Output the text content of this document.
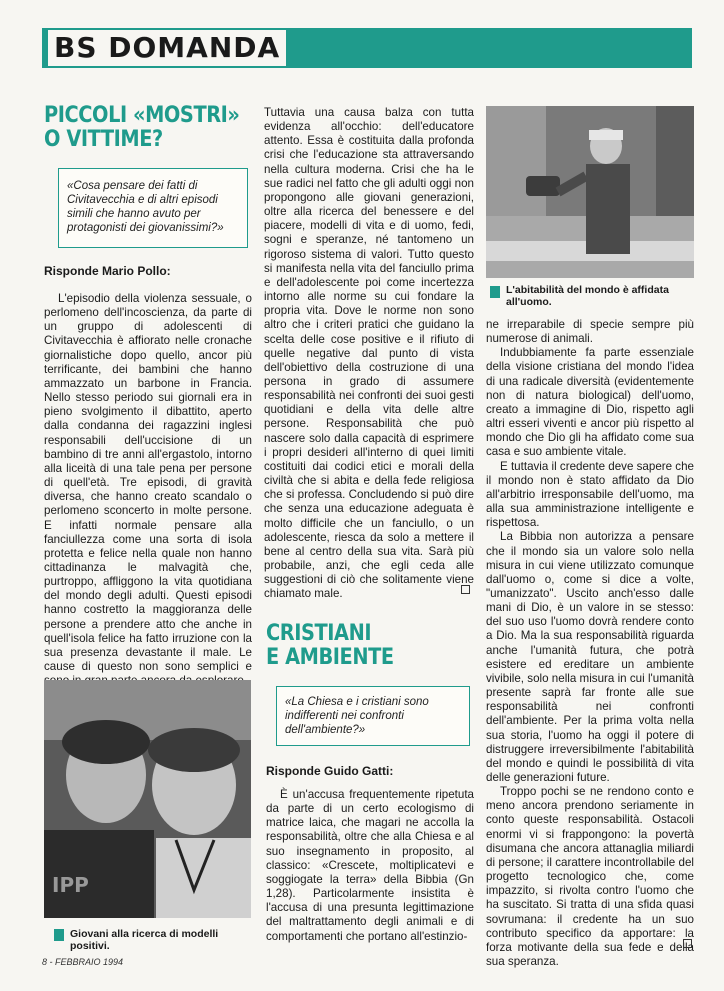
BS DOMANDA
PICCOLI «MOSTRI»
O VITTIME?
«Cosa pensare dei fatti di Civitavecchia e di altri episodi simili che hanno avuto per protagonisti dei giovanissimi?»
Risponde Mario Pollo:

L'episodio della violenza sessuale, o perlomeno dell'incoscienza, da parte di un gruppo di adolescenti di Civitavecchia è affiorato nelle cronache giornalistiche dopo quello, ancor più terrificante, dei bambini che hanno ammazzato un barbone in Francia. Nello stesso periodo sui giornali era in pieno svolgimento il dibattito, aperto dalla condanna dei ragazzini inglesi responsabili dell'uccisione di un bambino di tre anni all'ergastolo, intorno alla liceità di una tale pena per persone di quell'età. Tre episodi, di gravità diversa, che hanno creato scandalo o perlomeno sconcerto in molte persone. E infatti normale pensare alla fanciullezza come una sorta di isola protetta e felice nella quale non hanno cittadinanza le malvagità che, purtroppo, affliggono la vita quotidiana del mondo degli adulti. Questi episodi hanno costretto la maggioranza delle persone a prendere atto che anche in quell'isola felice ha fatto irruzione con la sua presenza devastante il male. Le cause di questo non sono semplici e

Tuttavia una causa balza con tutta evidenza all'occhio: dell'educatore attento. Essa è costituita dalla profonda crisi che l'educazione sta attraversando nella cultura moderna. Crisi che ha le sue radici nel fatto che gli adulti oggi non propongono alle giovani generazioni, oltre alla ricerca del benessere e del piacere, modelli di vita e di uomo, fedi, sogni e speranze, né tantomeno un rigoroso sistema di valori. Tutto questo si manifesta nella vita del fanciullo prima e dell'adolescente poi come incertezza intorno alle norme su cui fondare la propria vita. Dove le norme non sono altro che i criteri pratici che guidano la scelta delle cose positive e il rifiuto di quelle negative dal punto di vista dell'obiettivo della costruzione di una persona in grado di assumere responsabilità nei confronti dei suoi gesti quotidiani e della vita delle altre persone. Responsabilità che può nascere solo dalla capacità di esprimere i propri desideri all'interno di quei limiti costituiti dai codici etici e morali della civiltà che si abita e della fede religiosa che si professa. Concludendo si può dire che senza una educazione adeguata è molto difficile che un fanciullo, o un adolescente, riesca da solo a mettere il bene al centro della sua vita. Sarà più probabile, anzi, che egli ceda alle suggestioni di ciò che solitamente viene chiamato male.

IPP
Giovani alla ricerca di modelli positivi.
L'abitabilità del mondo è affidata all'uomo.
CRISTIANI
E AMBIENTE
«La Chiesa e i cristiani sono indifferenti nei confronti dell'ambiente?»
Risponde Guido Gatti:

È un'accusa frequentemente ripetuta da parte di un certo ecologismo di matrice laica, che magari ne accolla la responsabilità, oltre che alla Chiesa e al suo insegnamento in proposito, al classico: «Crescete, moltiplicatevi e soggiogate la terra» della Bibbia (Gn 1,28). Particolarmente insistita è l'accusa di una presunta legittimazione del maltrattamento degli animali e di comportamenti che portano all'estinzio-

ne irreparabile di specie sempre più numerose di animali.

Indubbiamente fa parte essenziale della visione cristiana del mondo l'idea di una radicale diversità (evidentemente non di natura biological) dell'uomo, creato a immagine di Dio, rispetto agli altri esseri viventi e ancor più rispetto al mondo che Dio gli ha affidato come sua casa e suo ambiente vitale.

E tuttavia il credente deve sapere che il mondo non è stato affidato da Dio all'arbitrio irresponsabile dell'uomo, ma alla sua amministrazione intelligente e rispettosa.

La Bibbia non autorizza a pensare che il mondo sia un valore solo nella misura in cui viene utilizzato comunque dall'uomo o, come si dice a volte, "umanizzato". Uscito anch'esso dalle mani di Dio, è un valore in se stesso: del suo uso l'uomo dovrà rendere conto a Dio. Ma la sua responsabilità riguarda anche l'umanità futura, che potrà esistere ed ereditare un ambiente vivibile, solo nella misura in cui l'umanità presente saprà far fronte alle sue responsabilità nei confronti dell'ambiente. Per la prima volta nella sua storia, l'uomo ha oggi il potere di distruggere irreversibilmente l'abitabilità del mondo e quindi le possibilità di vita delle generazioni future.

Troppo pochi se ne rendono conto e meno ancora prendono seriamente in conto queste responsabilità. Ostacoli enormi vi si frappongono: la povertà disumana che ancora attanaglia miliardi di persone; il carattere incontrollabile del progetto tecnologico che, come impazzito, si rivolta contro l'uomo che ha suscitato. Si tratta di una sfida quasi sovrumana: il credente ha un suo contributo specifico da apportare: la forza motivante della sua fede e della sua speranza.

8 - FEBBRAIO 1994
